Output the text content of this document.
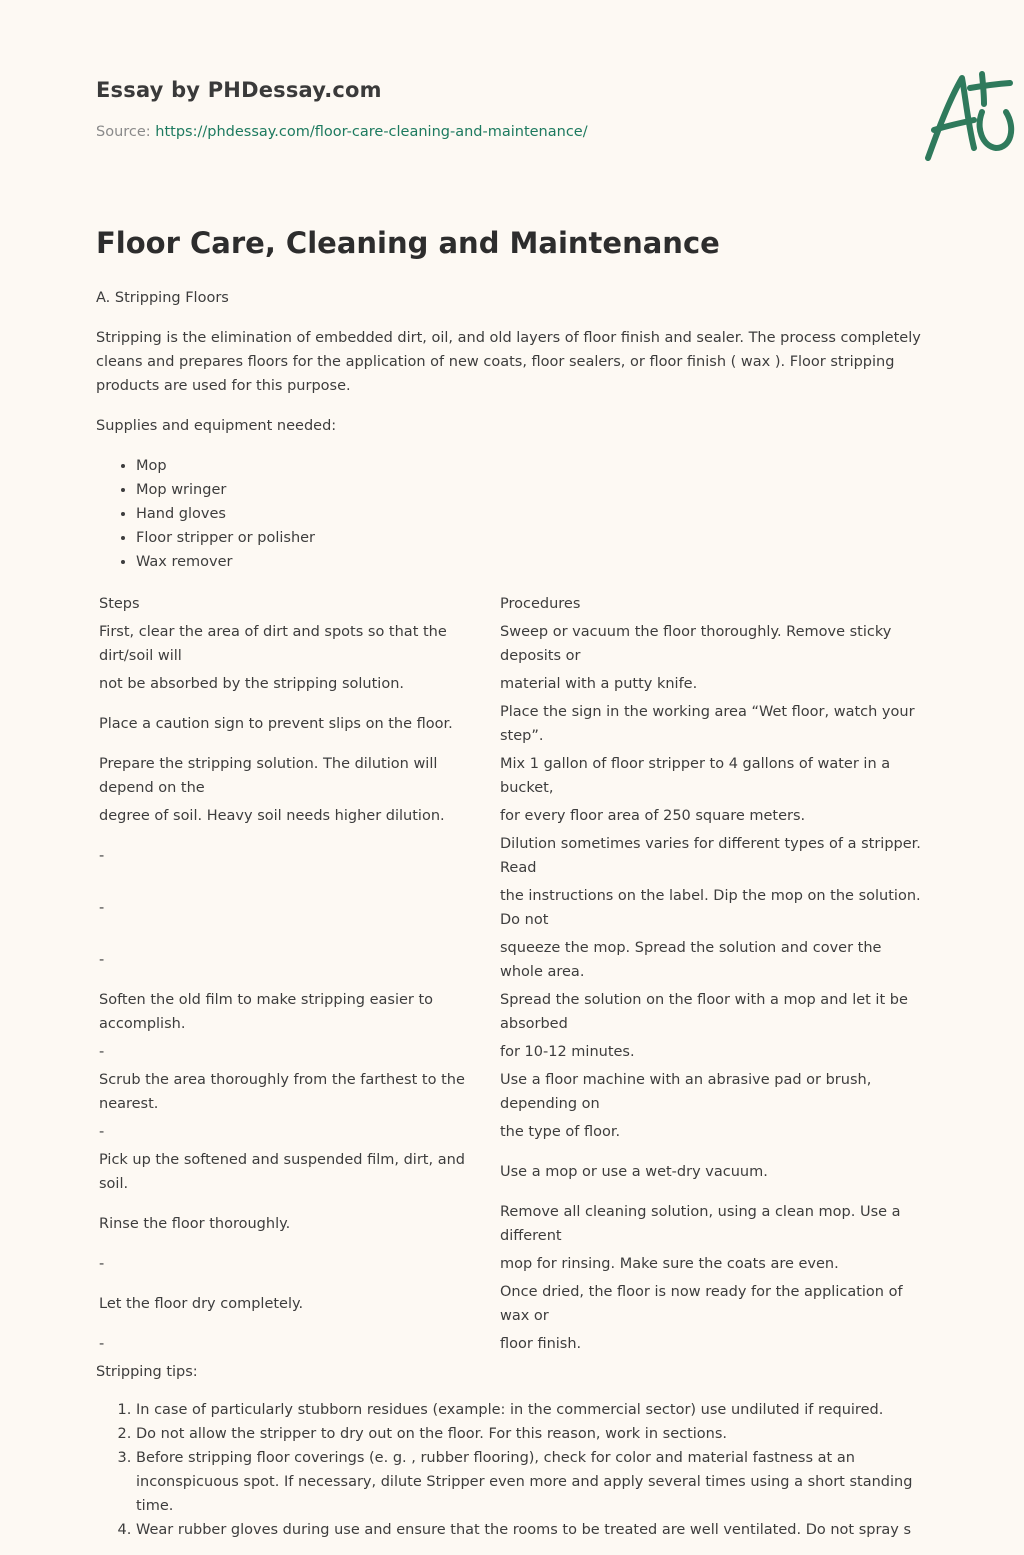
Essay by PHDessay.com
Source: https://phdessay.com/floor-care-cleaning-and-maintenance/
Floor Care, Cleaning and Maintenance

A. Stripping Floors

Stripping is the elimination of embedded dirt, oil, and old layers of floor finish and sealer. The process completely cleans and prepares floors for the application of new coats, floor sealers, or floor finish ( wax ). Floor stripping products are used for this purpose.

Supplies and equipment needed:

• Mop
• Mop wringer
• Hand gloves
• Floor stripper or polisher
• Wax remover
Steps	Procedures
First, clear the area of dirt and spots so that the dirt/soil will	Sweep or vacuum the floor thoroughly. Remove sticky deposits or
not be absorbed by the stripping solution.	material with a putty knife.
Place a caution sign to prevent slips on the floor.	Place the sign in the working area “Wet floor, watch your step”.
Prepare the stripping solution. The dilution will depend on the	Mix 1 gallon of floor stripper to 4 gallons of water in a bucket,
degree of soil. Heavy soil needs higher dilution.	for every floor area of 250 square meters.
-	Dilution sometimes varies for different types of a stripper. Read
-	the instructions on the label. Dip the mop on the solution. Do not
-	squeeze the mop. Spread the solution and cover the whole area.
Soften the old film to make stripping easier to accomplish.	Spread the solution on the floor with a mop and let it be absorbed
-	for 10-12 minutes.
Scrub the area thoroughly from the farthest to the nearest.	Use a floor machine with an abrasive pad or brush, depending on
-	the type of floor.
Pick up the softened and suspended film, dirt, and soil.	Use a mop or use a wet-dry vacuum.
Rinse the floor thoroughly.	Remove all cleaning solution, using a clean mop. Use a different
-	mop for rinsing. Make sure the coats are even.
Let the floor dry completely.	Once dried, the floor is now ready for the application of wax or
-	floor finish.

Stripping tips:

1. In case of particularly stubborn residues (example: in the commercial sector) use undiluted if required.
2. Do not allow the stripper to dry out on the floor. For this reason, work in sections.
3. Before stripping floor coverings (e. g. , rubber flooring), check for color and material fastness at an inconspicuous spot. If necessary, dilute Stripper even more and apply several times using a short standing time.
4. Wear rubber gloves during use and ensure that the rooms to be treated are well ventilated. Do not spray s
